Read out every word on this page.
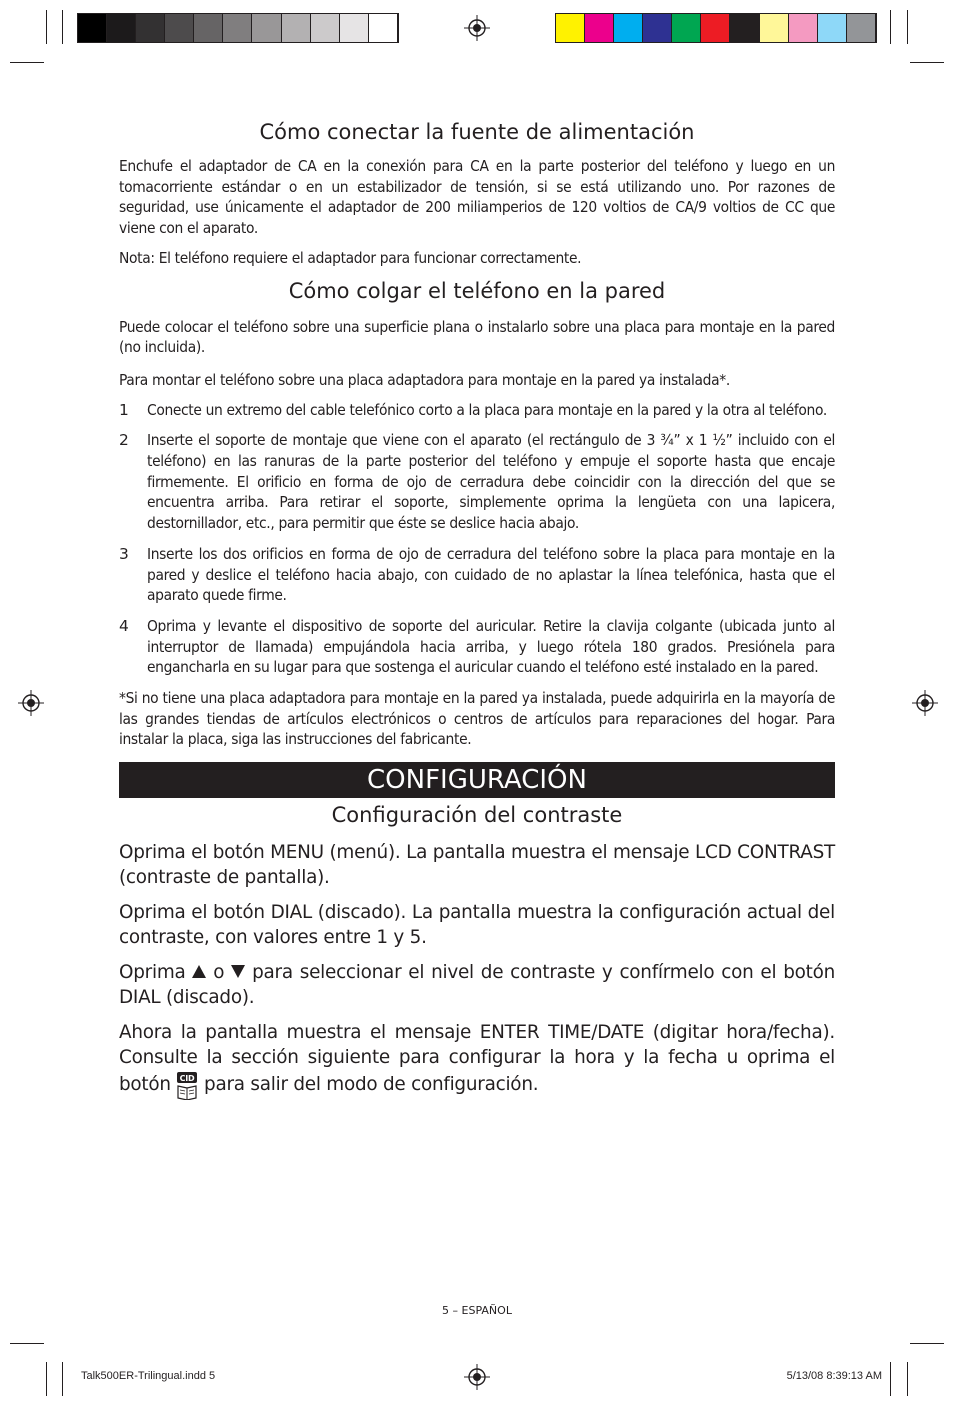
Cómo conectar la fuente de alimentación

Enchufe el adaptador de CA en la conexión para CA en la parte posterior del teléfono y luego en un tomacorriente estándar o en un estabilizador de tensión, si se está utilizando uno. Por razones de seguridad, use únicamente el adaptador de 200 miliamperios de 120 voltios de CA/9 voltios de CC que viene con el aparato.

Nota: El teléfono requiere el adaptador para funcionar correctamente.

Cómo colgar el teléfono en la pared

Puede colocar el teléfono sobre una superficie plana o instalarlo sobre una placa para montaje en la pared (no incluida).

Para montar el teléfono sobre una placa adaptadora para montaje en la pared ya instalada*.

1	Conecte un extremo del cable telefónico corto a la placa para montaje en la pared y la otra al teléfono.

2	Inserte el soporte de montaje que viene con el aparato (el rectángulo de 3 ¾” x 1 ½” incluido con el teléfono) en las ranuras de la parte posterior del teléfono y empuje el soporte hasta que encaje firmemente. El orificio en forma de ojo de cerradura debe coincidir con la dirección del que se encuentra arriba. Para retirar el soporte, simplemente oprima la lengüeta con una lapicera, destornillador, etc., para permitir que éste se deslice hacia abajo.

3	Inserte los dos orificios en forma de ojo de cerradura del teléfono sobre la placa para montaje en la pared y deslice el teléfono hacia abajo, con cuidado de no aplastar la línea telefónica, hasta que el aparato quede firme.

4	Oprima y levante el dispositivo de soporte del auricular. Retire la clavija colgante (ubicada junto al interruptor de llamada) empujándola hacia arriba, y luego rótela 180 grados. Presiónela para engancharla en su lugar para que sostenga el auricular cuando el teléfono esté instalado en la pared.

*Si no tiene una placa adaptadora para montaje en la pared ya instalada, puede adquirirla en la mayoría de las grandes tiendas de artículos electrónicos o centros de artículos para reparaciones del hogar. Para instalar la placa, siga las instrucciones del fabricante.

CONFIGURACIÓN
Configuración del contraste

Oprima el botón MENU (menú). La pantalla muestra el mensaje LCD CONTRAST (contraste de pantalla).

Oprima el botón DIAL (discado). La pantalla muestra la configuración actual del contraste, con valores entre 1 y 5.

Oprima o para seleccionar el nivel de contraste y confírmelo con el botón DIAL (discado).

Ahora la pantalla muestra el mensaje ENTER TIME/DATE (digitar hora/fecha). Consulte la sección siguiente para configurar la hora y la fecha u oprima el botón CID para salir del modo de configuración.

5 – ESPAÑOL
Talk500ER-Trilingual.indd 5	5/13/08 8:39:13 AM
